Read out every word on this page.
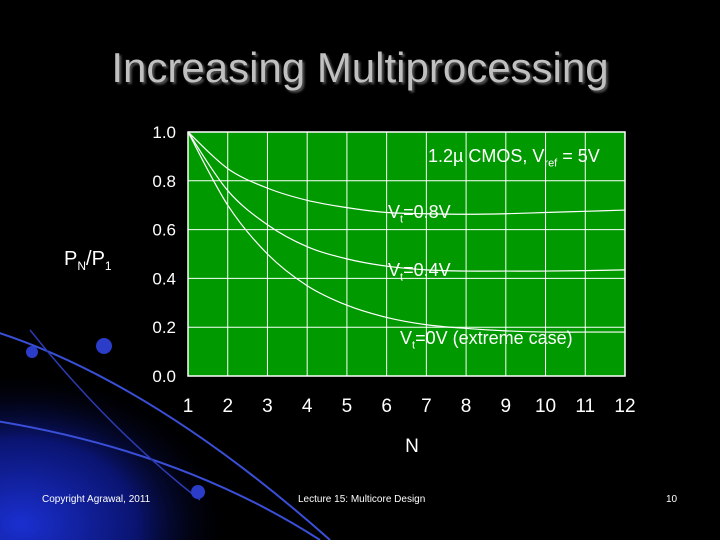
Increasing Multiprocessing
0.0
0.2
0.4
0.6
0.8
1.0
1 2 3 4 5 6 7 8 9 10 11 12
N
$P_N/P_1$
1.2µ CMOS, $V_{ref} = 5V$
$V_t=0.8V$
$V_t=0.4V$
$V_t=0V$ (extreme case)
Copyright Agrawal, 2011	Lecture 15: Multicore Design	10
